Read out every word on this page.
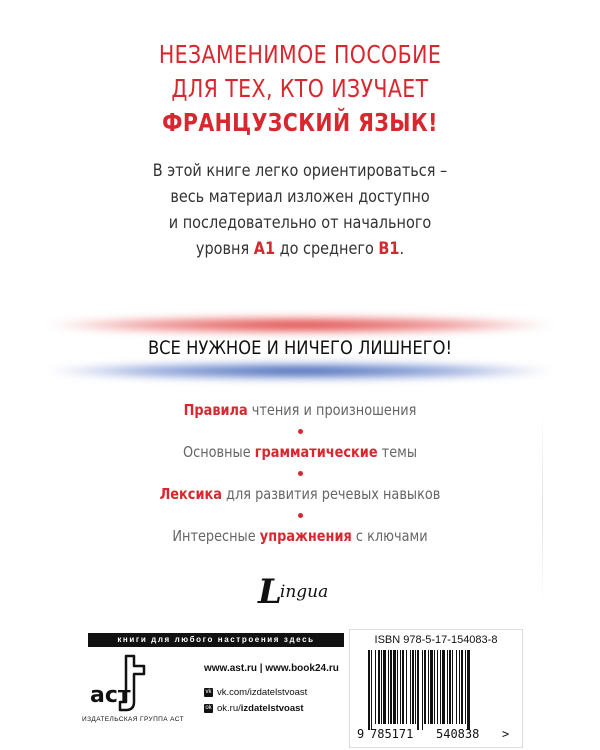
НЕЗАМЕНИМОЕ ПОСОБИЕ
ДЛЯ ТЕХ, КТО ИЗУЧАЕТ
ФРАНЦУЗСКИЙ ЯЗЫК!
В этой книге легко ориентироваться –
весь материал изложен доступно
и последовательно от начального
уровня A1 до среднего B1.
ВСЕ НУЖНОЕ И НИЧЕГО ЛИШНЕГО!
Правила чтения и произношения
Основные грамматические темы
Лексика для развития речевых навыков
Интересные упражнения с ключами
Lingua
книги для любого настроения здесь
аст
ИЗДАТЕЛЬСКАЯ ГРУППА АСТ
www.ast.ru | www.book24.ru
vk vk.com/ izdatelstvoast
ok ok.ru/ izdatelstvoast
ISBN 978-5-17-154083-8
9 785171 540838 >
